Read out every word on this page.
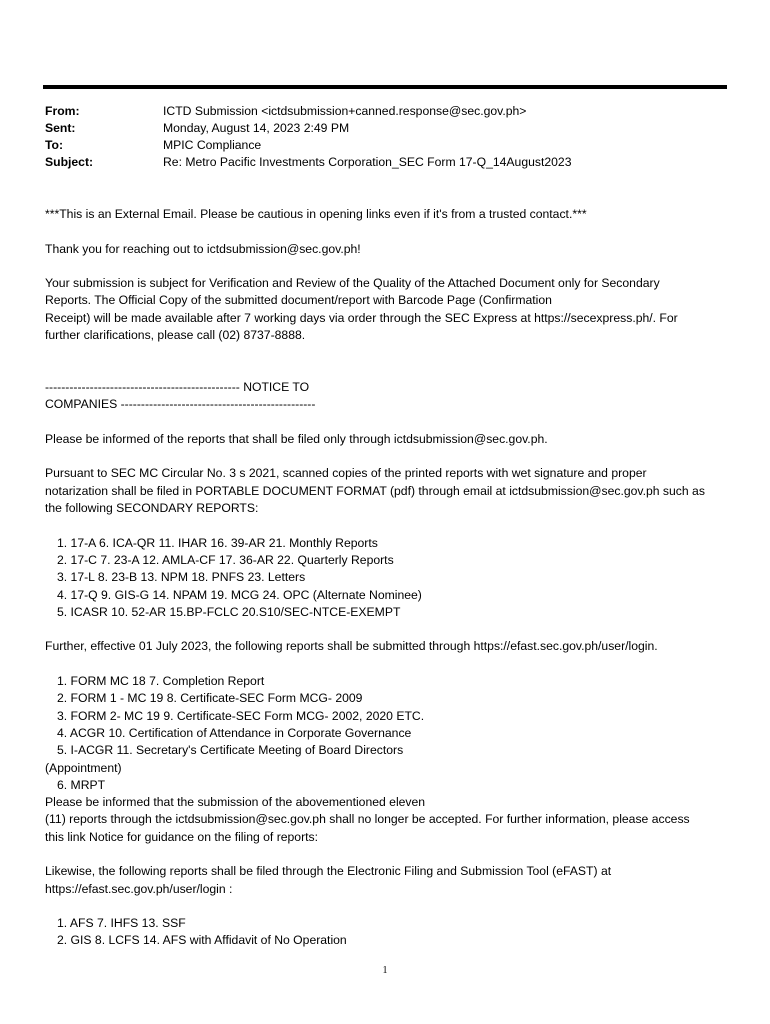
From:	ICTD Submission <ictdsubmission+canned.response@sec.gov.ph>
Sent:	Monday, August 14, 2023 2:49 PM
To:	MPIC Compliance
Subject:	Re: Metro Pacific Investments Corporation_SEC Form 17-Q_14August2023

***This is an External Email. Please be cautious in opening links even if it's from a trusted contact.***

Thank you for reaching out to ictdsubmission@sec.gov.ph!

Your submission is subject for Verification and Review of the Quality of the Attached Document only for Secondary

Reports. The Official Copy of the submitted document/report with Barcode Page (Confirmation

Receipt) will be made available after 7 working days via order through the SEC Express at https://secexpress.ph/. For

further clarifications, please call (02) 8737-8888.

------------------------------------------------ NOTICE TO

COMPANIES ------------------------------------------------

Please be informed of the reports that shall be filed only through ictdsubmission@sec.gov.ph.

Pursuant to SEC MC Circular No. 3 s 2021, scanned copies of the printed reports with wet signature and proper

notarization shall be filed in PORTABLE DOCUMENT FORMAT (pdf) through email at ictdsubmission@sec.gov.ph such as

the following SECONDARY REPORTS:

1. 17-A 6. ICA-QR 11. IHAR 16. 39-AR 21. Monthly Reports

2. 17-C 7. 23-A 12. AMLA-CF 17. 36-AR 22. Quarterly Reports

3. 17-L 8. 23-B 13. NPM 18. PNFS 23. Letters

4. 17-Q 9. GIS-G 14. NPAM 19. MCG 24. OPC (Alternate Nominee)

5. ICASR 10. 52-AR 15.BP-FCLC 20.S10/SEC-NTCE-EXEMPT

Further, effective 01 July 2023, the following reports shall be submitted through https://efast.sec.gov.ph/user/login.

1. FORM MC 18 7. Completion Report

2. FORM 1 - MC 19 8. Certificate-SEC Form MCG- 2009

3. FORM 2- MC 19 9. Certificate-SEC Form MCG- 2002, 2020 ETC.

4. ACGR 10. Certification of Attendance in Corporate Governance

5. I-ACGR 11. Secretary's Certificate Meeting of Board Directors

(Appointment)

6. MRPT

Please be informed that the submission of the abovementioned eleven

(11) reports through the ictdsubmission@sec.gov.ph shall no longer be accepted. For further information, please access

this link Notice for guidance on the filing of reports:

Likewise, the following reports shall be filed through the Electronic Filing and Submission Tool (eFAST) at

https://efast.sec.gov.ph/user/login :

1. AFS 7. IHFS 13. SSF

2. GIS 8. LCFS 14. AFS with Affidavit of No Operation

1
